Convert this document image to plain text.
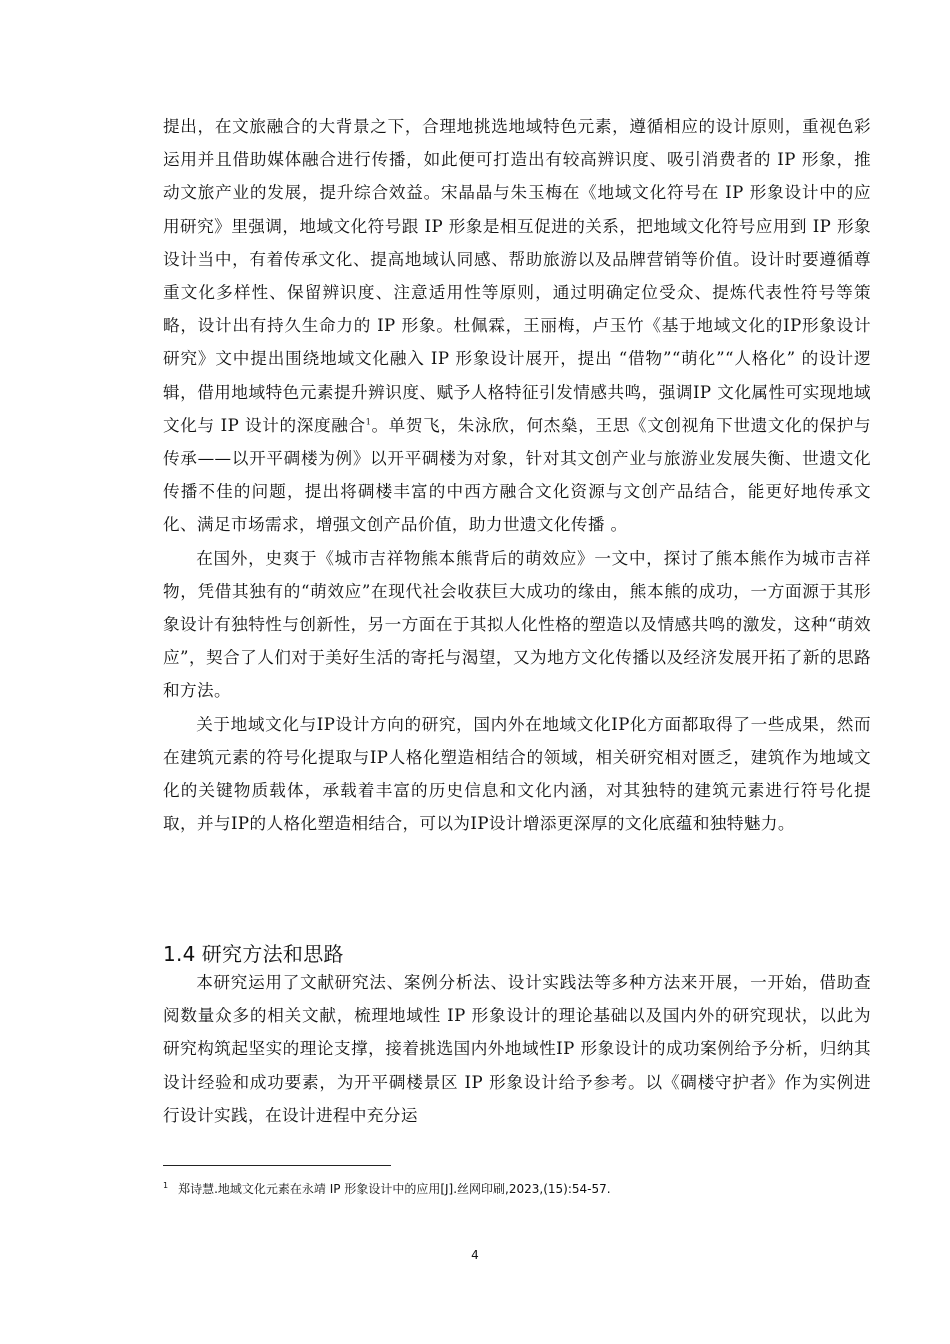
提出，在文旅融合的大背景之下，合理地挑选地域特色元素，遵循相应的设计原则，重视色彩运用并且借助媒体融合进行传播，如此便可打造出有较高辨识度、吸引消费者的 IP 形象，推动文旅产业的发展，提升综合效益。宋晶晶与朱玉梅在《地域文化符号在 IP 形象设计中的应用研究》里强调，地域文化符号跟 IP 形象是相互促进的关系，把地域文化符号应用到 IP 形象设计当中，有着传承文化、提高地域认同感、帮助旅游以及品牌营销等价值。设计时要遵循尊重文化多样性、保留辨识度、注意适用性等原则，通过明确定位受众、提炼代表性符号等策略，设计出有持久生命力的 IP 形象。杜佩霖，王丽梅，卢玉竹《基于地域文化的IP形象设计研究》文中提出围绕地域文化融入 IP 形象设计展开，提出 “借物”“萌化”“人格化” 的设计逻辑，借用地域特色元素提升辨识度、赋予人格特征引发情感共鸣，强调IP 文化属性可实现地域文化与 IP 设计的深度融合$^1$。单贺飞，朱泳欣，何杰燊，王思《文创视角下世遗文化的保护与传承——以开平碉楼为例》以开平碉楼为对象，针对其文创产业与旅游业发展失衡、世遗文化传播不佳的问题，提出将碉楼丰富的中西方融合文化资源与文创产品结合，能更好地传承文化、满足市场需求，增强文创产品价值，助力世遗文化传播 。

在国外，史爽于《城市吉祥物熊本熊背后的萌效应》一文中，探讨了熊本熊作为城市吉祥物，凭借其独有的“萌效应”在现代社会收获巨大成功的缘由，熊本熊的成功，一方面源于其形象设计有独特性与创新性，另一方面在于其拟人化性格的塑造以及情感共鸣的激发，这种“萌效应”，契合了人们对于美好生活的寄托与渴望，又为地方文化传播以及经济发展开拓了新的思路和方法。

关于地域文化与IP设计方向的研究，国内外在地域文化IP化方面都取得了一些成果，然而在建筑元素的符号化提取与IP人格化塑造相结合的领域，相关研究相对匮乏，建筑作为地域文化的关键物质载体，承载着丰富的历史信息和文化内涵，对其独特的建筑元素进行符号化提取，并与IP的人格化塑造相结合，可以为IP设计增添更深厚的文化底蕴和独特魅力。

1.4 研究方法和思路

本研究运用了文献研究法、案例分析法、设计实践法等多种方法来开展，一开始，借助查阅数量众多的相关文献，梳理地域性 IP 形象设计的理论基础以及国内外的研究现状，以此为研究构筑起坚实的理论支撑，接着挑选国内外地域性IP 形象设计的成功案例给予分析，归纳其设计经验和成功要素，为开平碉楼景区 IP 形象设计给予参考。以《碉楼守护者》作为实例进行设计实践，在设计进程中充分运

$^1$ 郑诗慧.地域文化元素在永靖 IP 形象设计中的应用[J].丝网印刷,2023,(15):54-57.
4
